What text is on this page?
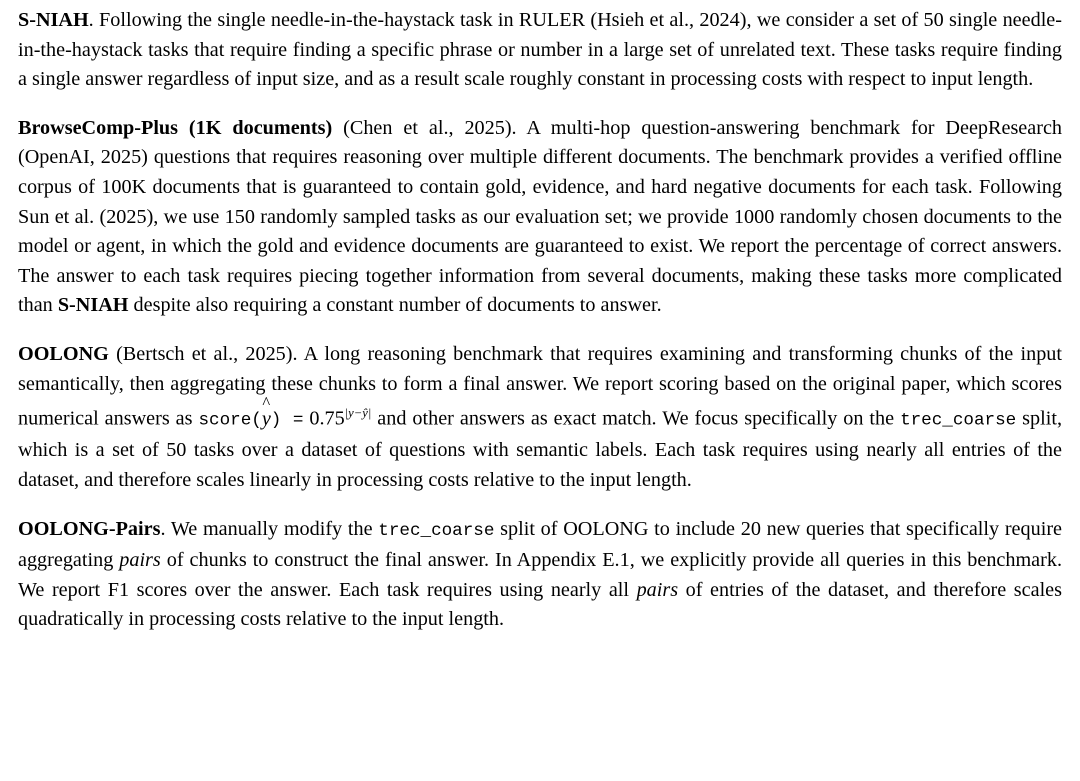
S-NIAH. Following the single needle-in-the-haystack task in RULER (Hsieh et al., 2024), we consider a set of 50 single needle-in-the-haystack tasks that require finding a specific phrase or number in a large set of unrelated text. These tasks require finding a single answer regardless of input size, and as a result scale roughly constant in processing costs with respect to input length.

BrowseComp-Plus (1K documents) (Chen et al., 2025). A multi-hop question-answering benchmark for DeepResearch (OpenAI, 2025) questions that requires reasoning over multiple different documents. The benchmark provides a verified offline corpus of 100K documents that is guaranteed to contain gold, evidence, and hard negative documents for each task. Following Sun et al. (2025), we use 150 randomly sampled tasks as our evaluation set; we provide 1000 randomly chosen documents to the model or agent, in which the gold and evidence documents are guaranteed to exist. We report the percentage of correct answers. The answer to each task requires piecing together information from several documents, making these tasks more complicated than S-NIAH despite also requiring a constant number of documents to answer.

OOLONG (Bertsch et al., 2025). A long reasoning benchmark that requires examining and transforming chunks of the input semantically, then aggregating these chunks to form a final answer. We report scoring based on the original paper, which scores numerical answers as score(
^
$y) = 0.75^{|y-ŷ|}$ and other answers as exact match. We focus specifically on the trec_coarse split, which is a set of 50 tasks over a dataset of questions with semantic labels. Each task requires using nearly all entries of the dataset, and therefore scales linearly in processing costs relative to the input length.

OOLONG-Pairs. We manually modify the trec_coarse split of OOLONG to include 20 new queries that specifically require aggregating pairs of chunks to construct the final answer. In Appendix E.1, we explicitly provide all queries in this benchmark. We report F1 scores over the answer. Each task requires using nearly all pairs of entries of the dataset, and therefore scales quadratically in processing costs relative to the input length.
